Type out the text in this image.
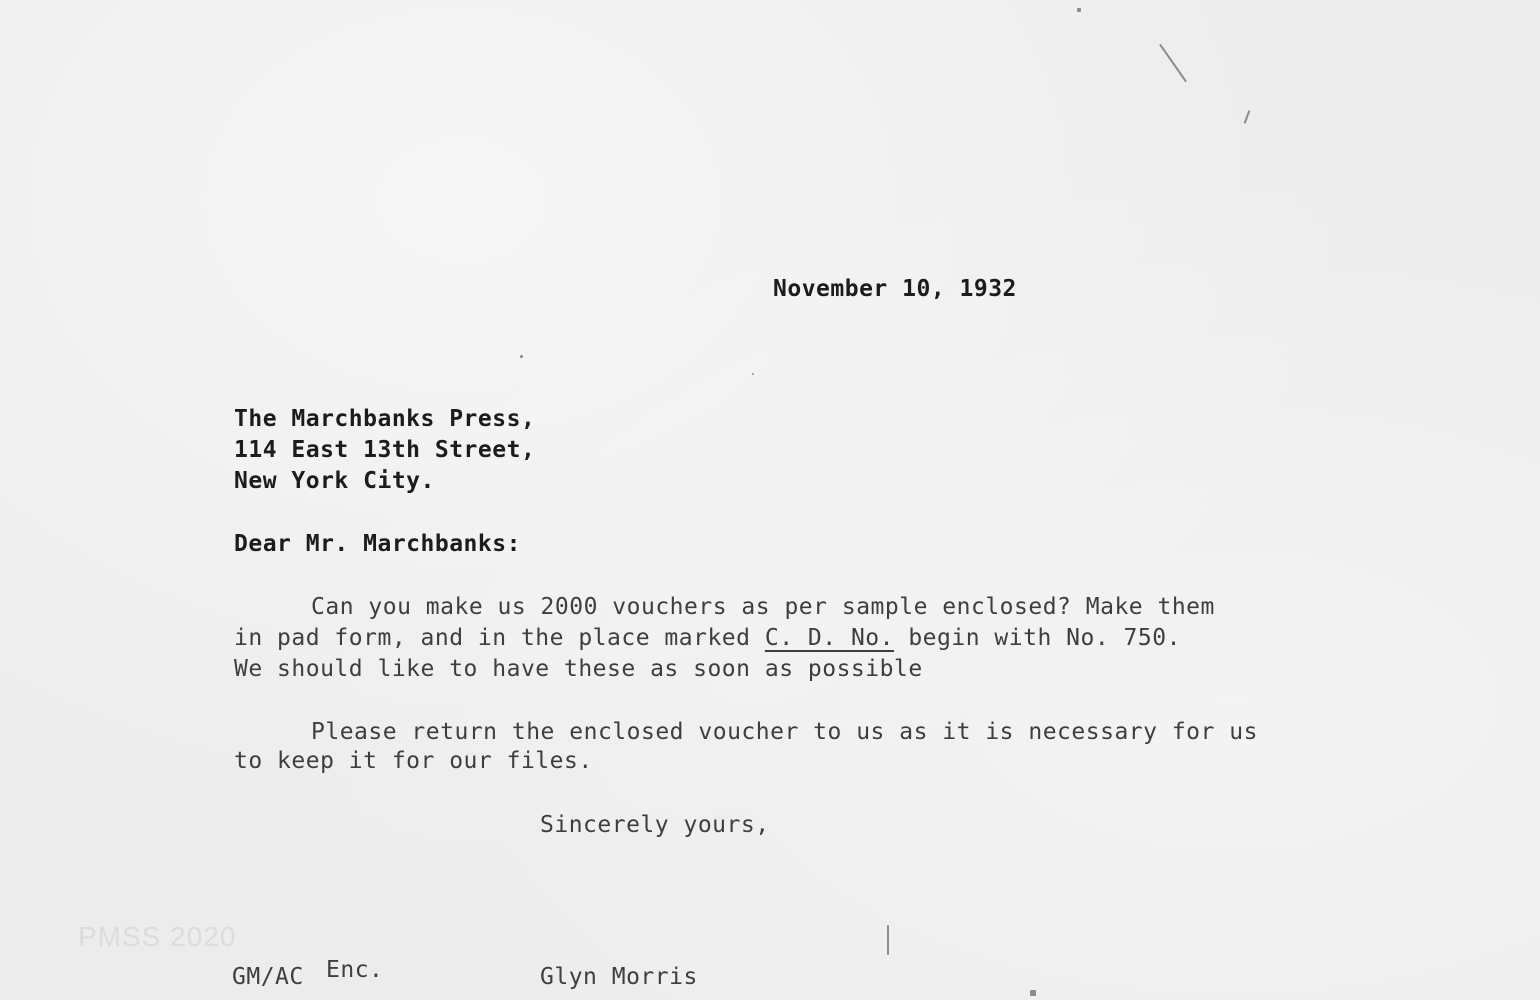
November 10, 1932
The Marchbanks Press,
114 East 13th Street,
New York City.
Dear Mr. Marchbanks:
Can you make us 2000 vouchers as per sample enclosed? Make them
in pad form, and in the place marked C. D. No. begin with No. 750.
We should like to have these as soon as possible
Please return the enclosed voucher to us as it is necessary for us
to keep it for our files.
Sincerely yours,
PMSS 2020
GM/AC Enc.	Glyn Morris
